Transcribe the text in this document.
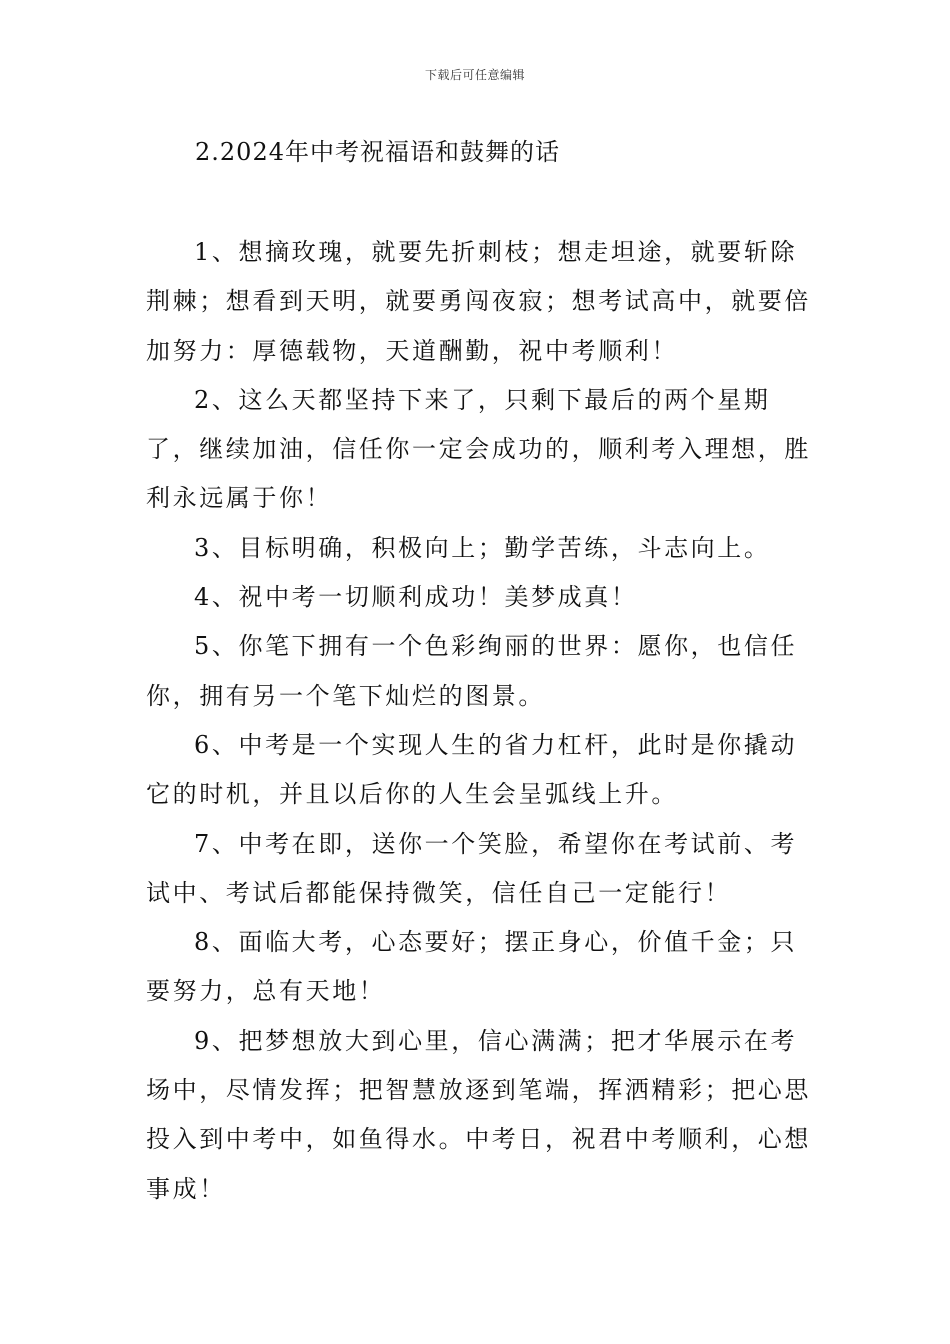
下载后可任意编辑
2.2024年中考祝福语和鼓舞的话

1、想摘玫瑰，就要先折刺枝；想走坦途，就要斩除荆棘；想看到天明，就要勇闯夜寂；想考试高中，就要倍加努力：厚德载物，天道酬勤，祝中考顺利！

2、这么天都坚持下来了，只剩下最后的两个星期了，继续加油，信任你一定会成功的，顺利考入理想，胜利永远属于你！

3、目标明确，积极向上；勤学苦练，斗志向上。

4、祝中考一切顺利成功！美梦成真！

5、你笔下拥有一个色彩绚丽的世界：愿你，也信任你，拥有另一个笔下灿烂的图景。

6、中考是一个实现人生的省力杠杆，此时是你撬动它的时机，并且以后你的人生会呈弧线上升。

7、中考在即，送你一个笑脸，希望你在考试前、考试中、考试后都能保持微笑，信任自己一定能行！

8、面临大考，心态要好；摆正身心，价值千金；只要努力，总有天地！

9、把梦想放大到心里，信心满满；把才华展示在考场中，尽情发挥；把智慧放逐到笔端，挥洒精彩；把心思投入到中考中，如鱼得水。中考日，祝君中考顺利，心想事成！
